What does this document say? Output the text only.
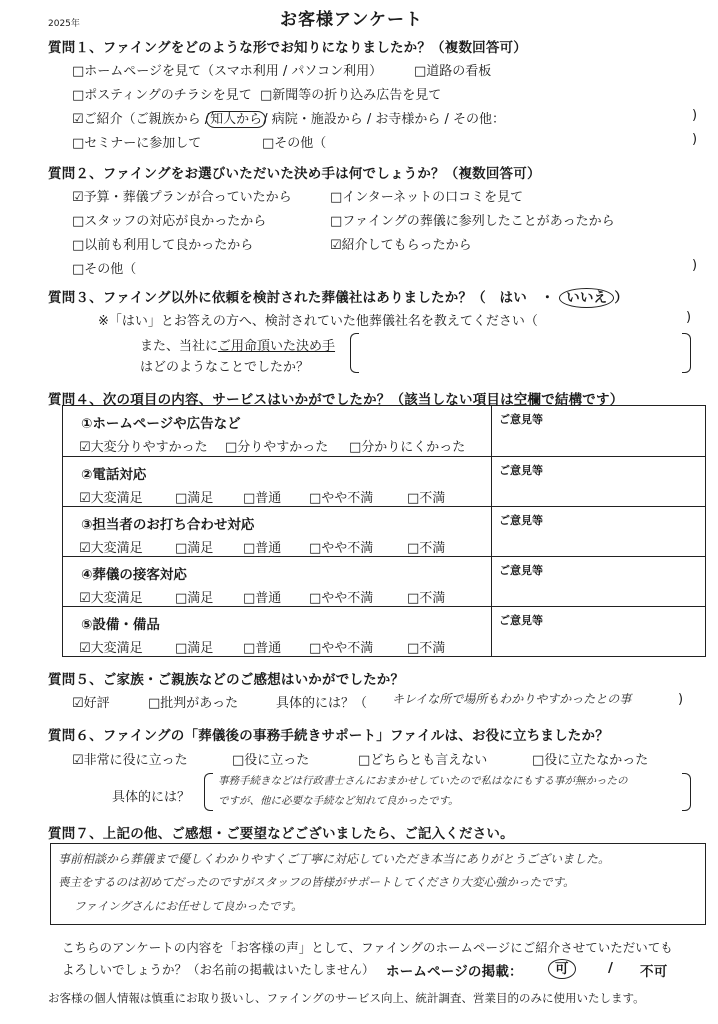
2025年	お客様アンケート
質問１、ファイングをどのような形でお知りになりましたか？（複数回答可）
□ホームページを見て（スマホ利用 / パソコン利用） □道路の看板
□ポスティングのチラシを見て □新聞等の折り込み広告を見て
☑ご紹介（ご親族から /知人から/ 病院・施設から / お寺様から / その他：	)
□セミナーに参加して	□その他（	)
質問２、ファイングをお選びいただいた決め手は何でしょうか？（複数回答可）
☑予算・葬儀プランが合っていたから	□インターネットの口コミを見て
□スタッフの対応が良かったから	□ファイングの葬儀に参列したことがあったから
□以前も利用して良かったから	☑紹介してもらったから
□その他（	)
質問３、ファイング以外に依頼を検討された葬儀社はありましたか？（　はい　・ いいえ ）
※「はい」とお答えの方へ、検討されていた他葬儀社名を教えてください（	)
また、当社にご用命頂いた決め手
はどのようなことでしたか？
質問４、次の項目の内容、サービスはいかがでしたか？（該当しない項目は空欄で結構です）
①ホームページや広告など
☑大変分りやすかった □分りやすかった □分かりにくかった
ご意見等
②電話対応
☑大変満足 □満足 □普通 □やや不満	□不満
ご意見等
③担当者のお打ち合わせ対応
☑大変満足 □満足 □普通 □やや不満	□不満
ご意見等
④葬儀の接客対応
☑大変満足 □満足 □普通 □やや不満	□不満
ご意見等
⑤設備・備品
☑大変満足 □満足 □普通 □やや不満	□不満
ご意見等
質問５、ご家族・ご親族などのご感想はいかがでしたか？
☑好評	□批判があった	具体的には？（ キレイな所で場所もわかりやすかったとの事	)
質問６、ファイングの「葬儀後の事務手続きサポート」ファイルは、お役に立ちましたか？
☑非常に役に立った	□役に立った	□どちらとも言えない	□役に立たなかった
具体的には？
事務手続きなどは行政書士さんにおまかせしていたので私はなにもする事が無かったの
ですが、他に必要な手続など知れて良かったです。
質問７、上記の他、ご感想・ご要望などございましたら、ご記入ください。
事前相談から葬儀まで優しくわかりやすくご丁寧に対応していただき本当にありがとうございました。
喪主をするのは初めてだったのですがスタッフの皆様がサポートしてくださり大変心強かったです。
ファイングさんにお任せして良かったです。
こちらのアンケートの内容を「お客様の声」として、ファイングのホームページにご紹介させていただいても
よろしいでしょうか？（お名前の掲載はいたしません） ホームページの掲載：	可	/ 不可
お客様の個人情報は慎重にお取り扱いし、ファイングのサービス向上、統計調査、営業目的のみに使用いたします。
